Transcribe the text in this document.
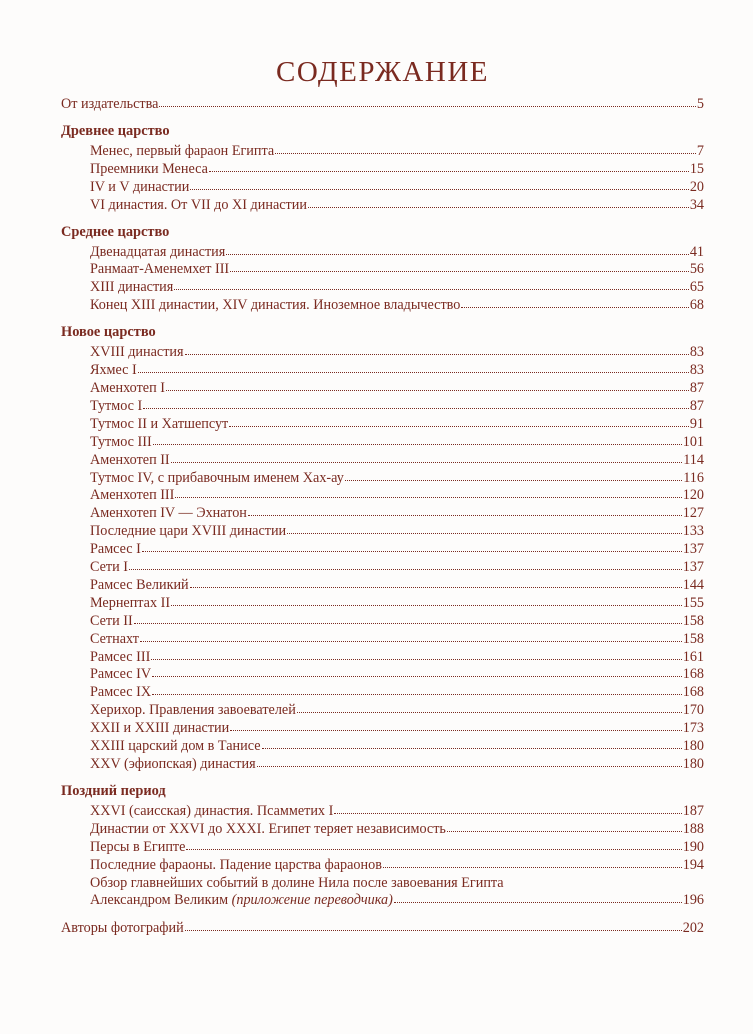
СОДЕРЖАНИЕ
От издательства	5
Древнее царство
Менес, первый фараон Египта	7
Преемники Менеса	15
IV и V династии	20
VI династия. От VII до XI династии	34
Среднее царство
Двенадцатая династия	41
Ранмаат-Аменемхет III	56
XIII династия	65
Конец XIII династии, XIV династия. Иноземное владычество	68
Новое царство
XVIII династия	83
Яхмес I	83
Аменхотеп I	87
Тутмос I	87
Тутмос II и Хатшепсут	91
Тутмос III	101
Аменхотеп II	114
Тутмос IV, с прибавочным именем Хах-ау	116
Аменхотеп III	120
Аменхотеп IV — Эхнатон	127
Последние цари XVIII династии	133
Рамсес I	137
Сети I	137
Рамсес Великий	144
Мернептах II	155
Сети II	158
Сетнахт	158
Рамсес III	161
Рамсес IV	168
Рамсес IX	168
Херихор. Правления завоевателей	170
XXII и XXIII династии	173
XXIII царский дом в Танисе	180
XXV (эфиопская) династия	180
Поздний период
XXVI (саисская) династия. Псамметих I	187
Династии от XXVI до XXXI. Египет теряет независимость	188
Персы в Египте	190
Последние фараоны. Падение царства фараонов	194
Обзор главнейших событий в долине Нила после завоевания Египта
Александром Великим
(приложение переводчика)	196
Авторы фотографий	202
